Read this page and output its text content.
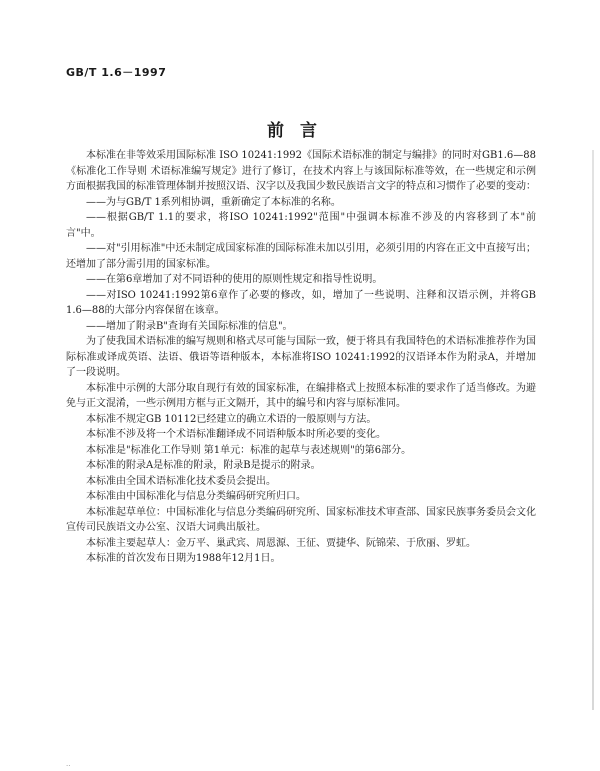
GB/T 1.6－1997
前言

本标准在非等效采用国际标准 ISO 10241:1992《国际术语标准的制定与编排》的同时对GB1.6—88《标准化工作导则 术语标准编写规定》进行了修订，在技术内容上与该国际标准等效，在一些规定和示例方面根据我国的标准管理体制并按照汉语、汉字以及我国少数民族语言文字的特点和习惯作了必要的变动：

——为与GB/T 1系列相协调，重新确定了本标准的名称。

——根据GB/T 1.1的要求，将ISO 10241:1992"范围"中强调本标准不涉及的内容移到了本"前言"中。

——对"引用标准"中还未制定成国家标准的国际标准未加以引用，必须引用的内容在正文中直接写出；还增加了部分需引用的国家标准。

——在第6章增加了对不同语种的使用的原则性规定和指导性说明。

——对ISO 10241:1992第6章作了必要的修改，如，增加了一些说明、注释和汉语示例，并将GB 1.6—88的大部分内容保留在该章。

——增加了附录B"查询有关国际标准的信息"。

为了使我国术语标准的编写规则和格式尽可能与国际一致，便于将具有我国特色的术语标准推荐作为国际标准或译成英语、法语、俄语等语种版本，本标准将ISO 10241:1992的汉语译本作为附录A，并增加了一段说明。

本标准中示例的大部分取自现行有效的国家标准，在编排格式上按照本标准的要求作了适当修改。为避免与正文混淆，一些示例用方框与正文隔开，其中的编号和内容与原标准同。

本标准不规定GB 10112已经建立的确立术语的一般原则与方法。

本标准不涉及将一个术语标准翻译成不同语种版本时所必要的变化。

本标准是"标准化工作导则 第1单元：标准的起草与表述规则"的第6部分。

本标准的附录A是标准的附录，附录B是提示的附录。

本标准由全国术语标准化技术委员会提出。

本标准由中国标准化与信息分类编码研究所归口。

本标准起草单位：中国标准化与信息分类编码研究所、国家标准技术审查部、国家民族事务委员会文化宣传司民族语文办公室、汉语大词典出版社。

本标准主要起草人：金万平、巢武宾、周恩源、王征、贾捷华、阮锦荣、于欣丽、罗虹。

本标准的首次发布日期为1988年12月1日。

··
